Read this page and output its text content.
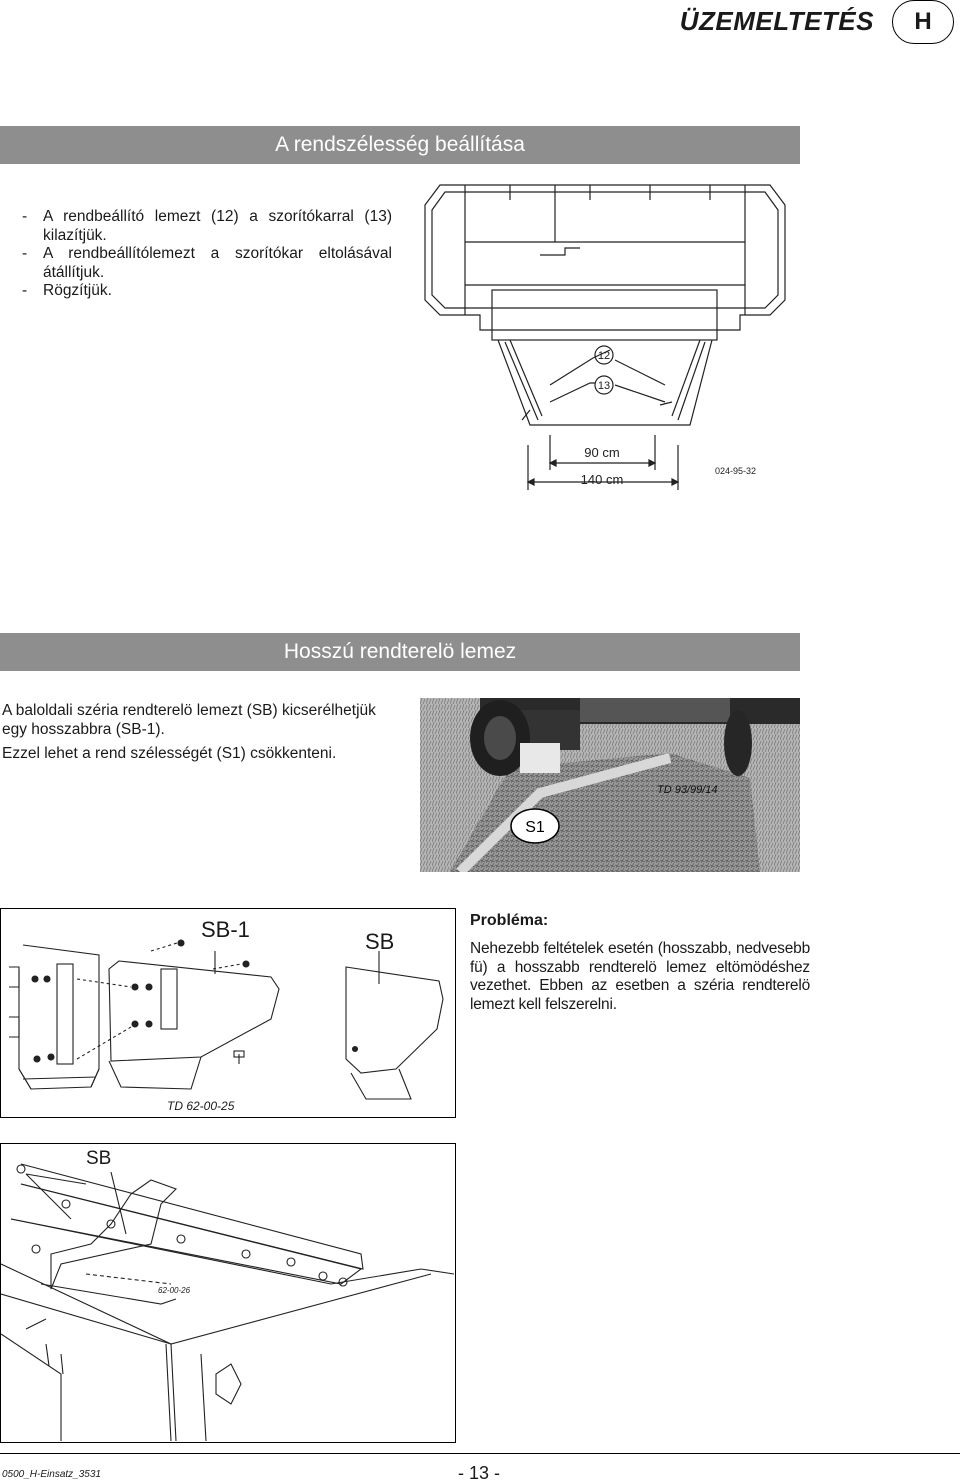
ÜZEMELTETÉS	H
A rendszélesség beállítása
-	A rendbeállító lemezt (12) a szorítókarral (13) kilazítjük.
-	A rendbeállítólemezt a szorítókar eltolásával átállítjuk.
-	Rögzítjük.
12
13
90 cm
140 cm
024-95-32
Hosszú rendterelö lemez
A baloldali széria rendterelö lemezt (SB) kicserélhetjük egy hosszabbra (SB-1).
Ezzel lehet a rend szélességét (S1) csökkenteni.
TD 93/99/14
S1
SB-1	SB
TD 62-00-25
Probléma:
Nehezebb feltételek esetén (hosszabb, nedvesebb fü) a hosszabb rendterelö lemez eltömödéshez vezethet. Ebben az esetben a széria rendterelö lemezt kell felszerelni.
SB
62-00-26
0500_H-Einsatz_3531	- 13 -
